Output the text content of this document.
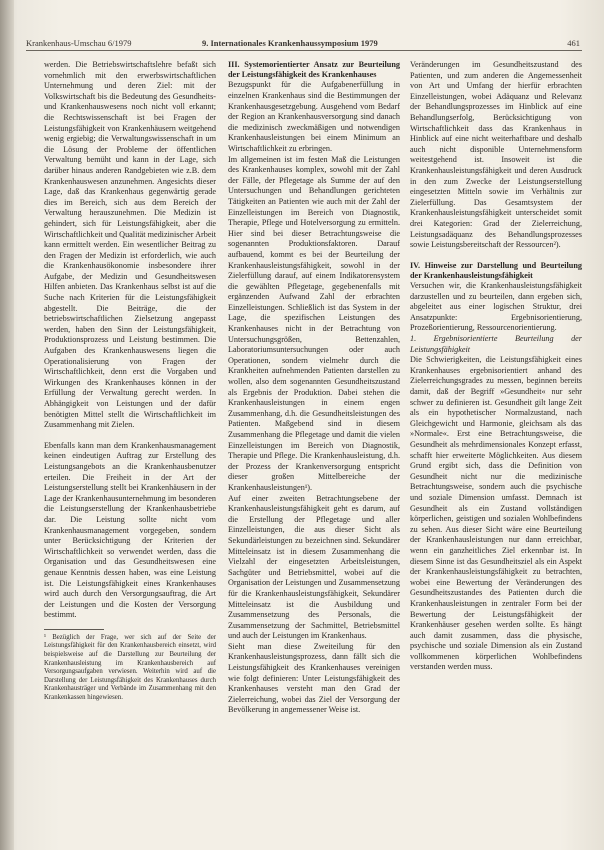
Krankenhaus-Umschau 6/1979	9. Internationales Krankenhaussymposium 1979	461

werden. Die Betriebswirtschaftslehre befaßt sich vornehmlich mit den erwerbswirtschaftlichen Unternehmung und deren Ziel: mit der Volkswirtschaft bis die Bedeutung des Gesundheits- und Krankenhauswesens noch nicht voll erkannt; die Rechtswissenschaft ist bei Fragen der Leistungsfähigkeit von Krankenhäusern weitgehend wenig ergiebig; die Verwaltungswissenschaft in um die Lösung der Probleme der öffentlichen Verwaltung bemüht und kann in der Lage, sich darüber hinaus anderen Randgebieten wie z.B. dem Krankenhauswesen anzunehmen. Angesichts dieser Lage, daß das Krankenhaus gegenwärtig gerade dies im Bereich, sich aus dem Bereich der Verwaltung herauszunehmen. Die Medizin ist gehindert, sich für Leistungsfähigkeit, aber die Wirtschaftlichkeit und Qualität medizinischer Arbeit kann ermittelt werden. Ein wesentlicher Beitrag zu den Fragen der Medizin ist erforderlich, wie auch die Krankenhausökonomie insbesondere ihrer Aufgabe, der Medizin und Gesundheitswesen Hilfen anbieten. Das Krankenhaus selbst ist auf die Suche nach Kriterien für die Leistungsfähigkeit abgestellt. Die Beiträge, die der betriebswirtschaftlichen Zielsetzung angepasst werden, haben den Sinn der Leistungsfähigkeit, Produktionsprozess und Leistung bestimmen. Die Aufgaben des Krankenhauswesens liegen die Operationalisierung von Fragen der Wirtschaftlichkeit, denn erst die Vorgaben und Wirkungen des Krankenhauses können in der Erfüllung der Verwaltung gerecht werden. In Abhängigkeit von Leistungen und der dafür benötigten Mittel stellt die Wirtschaftlichkeit im Zusammenhang mit Zielen.

Ebenfalls kann man dem Krankenhausmanagement keinen eindeutigen Auftrag zur Erstellung des Leistungsangebots an die Krankenhausbenutzer erteilen. Die Freiheit in der Art der Leistungserstellung stellt bei Krankenhäusern in der Lage der Krankenhausunternehmung im besonderen die Leistungserstellung der Krankenhausbetriebe dar. Die Leistung sollte nicht vom Krankenhausmanagement vorgegeben, sondern unter Berücksichtigung der Kriterien der Wirtschaftlichkeit so verwendet werden, dass die Organisation und das Gesundheitswesen eine genaue Kenntnis dessen haben, was eine Leistung ist. Die Leistungsfähigkeit eines Krankenhauses wird auch durch den Versorgungsauftrag, die Art der Leistungen und die Kosten der Versorgung bestimmt.

¹ Bezüglich der Frage, wer sich auf der Seite der Leistungsfähigkeit für den Krankenhausbereich einsetzt, wird beispielsweise auf die Darstellung zur Beurteilung der Krankenhausleistung im Krankenhausbereich auf Versorgungsaufgaben verwiesen. Weiterhin wird auf die Darstellung der Leistungsfähigkeit des Krankenhauses durch Krankenhausträger und Verbände im Zusammenhang mit den Krankenkassen hingewiesen.

III. Systemorientierter Ansatz zur Beurteilung der Leistungsfähigkeit des Krankenhauses

Bezugspunkt für die Aufgabenerfüllung in einzelnen Krankenhaus sind die Bestimmungen der Krankenhausgesetzgebung. Ausgehend vom Bedarf der Region an Krankenhausversorgung sind danach die medizinisch zweckmäßigen und notwendigen Krankenhausleistungen bei einem Minimum an Wirtschaftlichkeit zu erbringen.

Im allgemeinen ist im festen Maß die Leistungen des Krankenhauses komplex, sowohl mit der Zahl der Fälle, der Pflegetage als Summe der auf den Untersuchungen und Behandlungen gerichteten Tätigkeiten an Patienten wie auch mit der Zahl der Einzelleistungen im Bereich von Diagnostik, Therapie, Pflege und Hotelversorgung zu ermitteln. Hier sind bei dieser Betrachtungsweise die sogenannten Produktionsfaktoren. Darauf aufbauend, kommt es bei der Beurteilung der Krankenhausleistungsfähigkeit, sowohl in der Zielerfüllung darauf, auf einem Indikatorensystem die gewählten Pflegetage, gegebenenfalls mit ergänzenden Aufwand Zahl der erbrachten Einzelleistungen. Schließlich ist das System in der Lage, die spezifischen Leistungen des Krankenhauses nicht in der Betrachtung von Untersuchungsgrößen, Bettenzahlen, Laboratoriumsuntersuchungen oder auch Operationen, sondern vielmehr durch die Krankheiten aufnehmenden Patienten darstellen zu wollen, also dem sogenannten Gesundheitszustand als Ergebnis der Produktion. Dabei stehen die Krankenhausleistungen in einem engen Zusammenhang, d.h. die Gesundheitsleistungen des Patienten. Maßgebend sind in diesem Zusammenhang die Pflegetage und damit die vielen Einzelleistungen im Bereich von Diagnostik, Therapie und Pflege. Die Krankenhausleistung, d.h. der Prozess der Krankenversorgung entspricht dieser großen Mittelbereiche der Krankenhausleistungen¹).

Auf einer zweiten Betrachtungsebene der Krankenhausleistungsfähigkeit geht es darum, auf die Erstellung der Pflegetage und aller Einzelleistungen, die aus dieser Sicht als Sekundärleistungen zu bezeichnen sind. Sekundärer Mitteleinsatz ist in diesem Zusammenhang die Vielzahl der eingesetzten Arbeitsleistungen, Sachgüter und Betriebsmittel, wobei auf die Organisation der Leistungen und Zusammensetzung für die Krankenhausleistungsfähigkeit, Sekundärer Mitteleinsatz ist die Ausbildung und Zusammensetzung des Personals, die Zusammensetzung der Sachmittel, Betriebsmittel und auch der Leistungen im Krankenhaus.

Sieht man diese Zweiteilung für den Krankenhausleistungsprozess, dann fällt sich die Leistungsfähigkeit des Krankenhauses vereinigen wie folgt definieren: Unter Leistungsfähigkeit des Krankenhauses versteht man den Grad der Zielerreichung, wobei das Ziel der Versorgung der Bevölkerung in angemessener Weise ist.

Veränderungen im Gesundheitszustand des Patienten, und zum anderen die Angemessenheit von Art und Umfang der hierfür erbrachten Einzelleistungen, wobei Adäquanz und Relevanz der Behandlungsprozesses im Hinblick auf eine Behandlungserfolg, Berücksichtigung von Wirtschaftlichkeit dass das Krankenhaus in Hinblick auf eine nicht weiterhaftbare und deshalb auch nicht disponible Unternehmensform weitestgehend ist. Insoweit ist die Krankenhausleistungsfähigkeit und deren Ausdruck in den zum Zwecke der Leistungserstellung eingesetzten Mitteln sowie im Verhältnis zur Zielerfüllung. Das Gesamtsystem der Krankenhausleistungsfähigkeit unterscheidet somit drei Kategorien: Grad der Zielerreichung, Leistungsadäquanz des Behandlungsprozesses sowie Leistungsbereitschaft der Ressourcen²).

IV. Hinweise zur Darstellung und Beurteilung der Krankenhausleistungsfähigkeit

Versuchen wir, die Krankenhausleistungsfähigkeit darzustellen und zu beurteilen, dann ergeben sich, abgeleitet aus einer logischen Struktur, drei Ansatzpunkte: Ergebnisorientierung, Prozeßorientierung, Ressourcenorientierung.

1. Ergebnisorientierte Beurteilung der Leistungsfähigkeit

Die Schwierigkeiten, die Leistungsfähigkeit eines Krankenhauses ergebnisorientiert anhand des Zielerreichungsgrades zu messen, beginnen bereits damit, daß der Begriff »Gesundheit« nur sehr schwer zu definieren ist. Gesundheit gilt lange Zeit als ein hypothetischer Normalzustand, nach Gleichgewicht und Harmonie, gleichsam als das »Normale«. Erst eine Betrachtungsweise, die Gesundheit als mehrdimensionales Konzept erfasst, schafft hier erweiterte Möglichkeiten. Aus diesem Grund ergibt sich, dass die Definition von Gesundheit nicht nur die medizinische Betrachtungsweise, sondern auch die psychische und soziale Dimension umfasst. Demnach ist Gesundheit als ein Zustand vollständigen körperlichen, geistigen und sozialen Wohlbefindens zu sehen. Aus dieser Sicht wäre eine Beurteilung der Krankenhausleistungen nur dann erreichbar, wenn ein ganzheitliches Ziel erkennbar ist. In diesem Sinne ist das Gesundheitsziel als ein Aspekt der Krankenhausleistungsfähigkeit zu betrachten, wobei eine Bewertung der Veränderungen des Gesundheitszustandes des Patienten durch die Krankenhausleistungen in zentraler Form bei der Bewertung der Leistungsfähigkeit der Krankenhäuser gesehen werden sollte. Es hängt auch damit zusammen, dass die physische, psychische und soziale Dimension als ein Zustand vollkommenen körperlichen Wohlbefindens verstanden werden muss.
